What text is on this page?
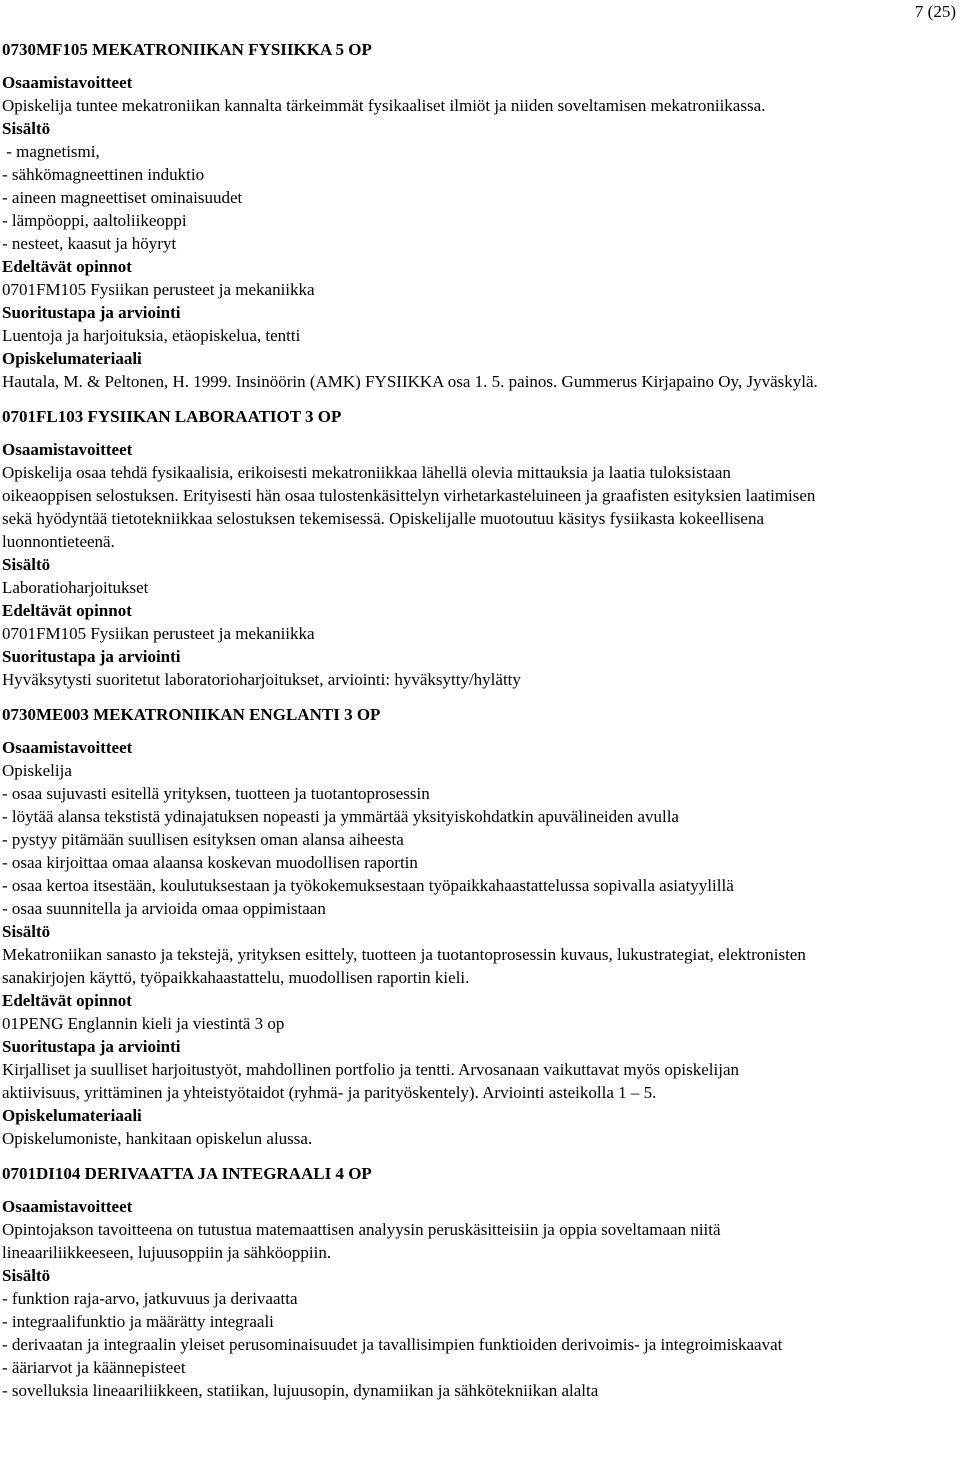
7 (25)
0730MF105 MEKATRONIIKAN FYSIIKKA 5 OP
Osaamistavoitteet
Opiskelija tuntee mekatroniikan kannalta tärkeimmät fysikaaliset ilmiöt ja niiden soveltamisen mekatroniikassa.
Sisältö
- magnetismi,
- sähkömagneettinen induktio
- aineen magneettiset ominaisuudet
- lämpöoppi, aaltoliikeoppi
- nesteet, kaasut ja höyryt
Edeltävät opinnot
0701FM105 Fysiikan perusteet ja mekaniikka
Suoritustapa ja arviointi
Luentoja ja harjoituksia, etäopiskelua, tentti
Opiskelumateriaali
Hautala, M. & Peltonen, H. 1999. Insinöörin (AMK) FYSIIKKA osa 1. 5. painos. Gummerus Kirjapaino Oy, Jyväskylä.
0701FL103 FYSIIKAN LABORAATIOT 3 OP
Osaamistavoitteet
Opiskelija osaa tehdä fysikaalisia, erikoisesti mekatroniikkaa lähellä olevia mittauksia ja laatia tuloksistaan
oikeaoppisen selostuksen. Erityisesti hän osaa tulostenkäsittelyn virhetarkasteluineen ja graafisten esityksien laatimisen
sekä hyödyntää tietotekniikkaa selostuksen tekemisessä. Opiskelijalle muotoutuu käsitys fysiikasta kokeellisena
luonnontieteenä.
Sisältö
Laboratioharjoitukset
Edeltävät opinnot
0701FM105 Fysiikan perusteet ja mekaniikka
Suoritustapa ja arviointi
Hyväksytysti suoritetut laboratorioharjoitukset, arviointi: hyväksytty/hylätty
0730ME003 MEKATRONIIKAN ENGLANTI 3 OP
Osaamistavoitteet
Opiskelija
- osaa sujuvasti esitellä yrityksen, tuotteen ja tuotantoprosessin
- löytää alansa tekstistä ydinajatuksen nopeasti ja ymmärtää yksityiskohdatkin apuvälineiden avulla
- pystyy pitämään suullisen esityksen oman alansa aiheesta
- osaa kirjoittaa omaa alaansa koskevan muodollisen raportin
- osaa kertoa itsestään, koulutuksestaan ja työkokemuksestaan työpaikkahaastattelussa sopivalla asiatyylillä
- osaa suunnitella ja arvioida omaa oppimistaan
Sisältö
Mekatroniikan sanasto ja tekstejä, yrityksen esittely, tuotteen ja tuotantoprosessin kuvaus, lukustrategiat, elektronisten
sanakirjojen käyttö, työpaikkahaastattelu, muodollisen raportin kieli.
Edeltävät opinnot
01PENG Englannin kieli ja viestintä 3 op
Suoritustapa ja arviointi
Kirjalliset ja suulliset harjoitustyöt, mahdollinen portfolio ja tentti. Arvosanaan vaikuttavat myös opiskelijan
aktiivisuus, yrittäminen ja yhteistyötaidot (ryhmä- ja parityöskentely). Arviointi asteikolla 1 – 5.
Opiskelumateriaali
Opiskelumoniste, hankitaan opiskelun alussa.
0701DI104 DERIVAATTA JA INTEGRAALI 4 OP
Osaamistavoitteet
Opintojakson tavoitteena on tutustua matemaattisen analyysin peruskäsitteisiin ja oppia soveltamaan niitä
lineaariliikkeeseen, lujuusoppiin ja sähköoppiin.
Sisältö
- funktion raja-arvo, jatkuvuus ja derivaatta
- integraalifunktio ja määrätty integraali
- derivaatan ja integraalin yleiset perusominaisuudet ja tavallisimpien funktioiden derivoimis- ja integroimiskaavat
- ääriarvot ja käännepisteet
- sovelluksia lineaariliikkeen, statiikan, lujuusopin, dynamiikan ja sähkötekniikan alalta
